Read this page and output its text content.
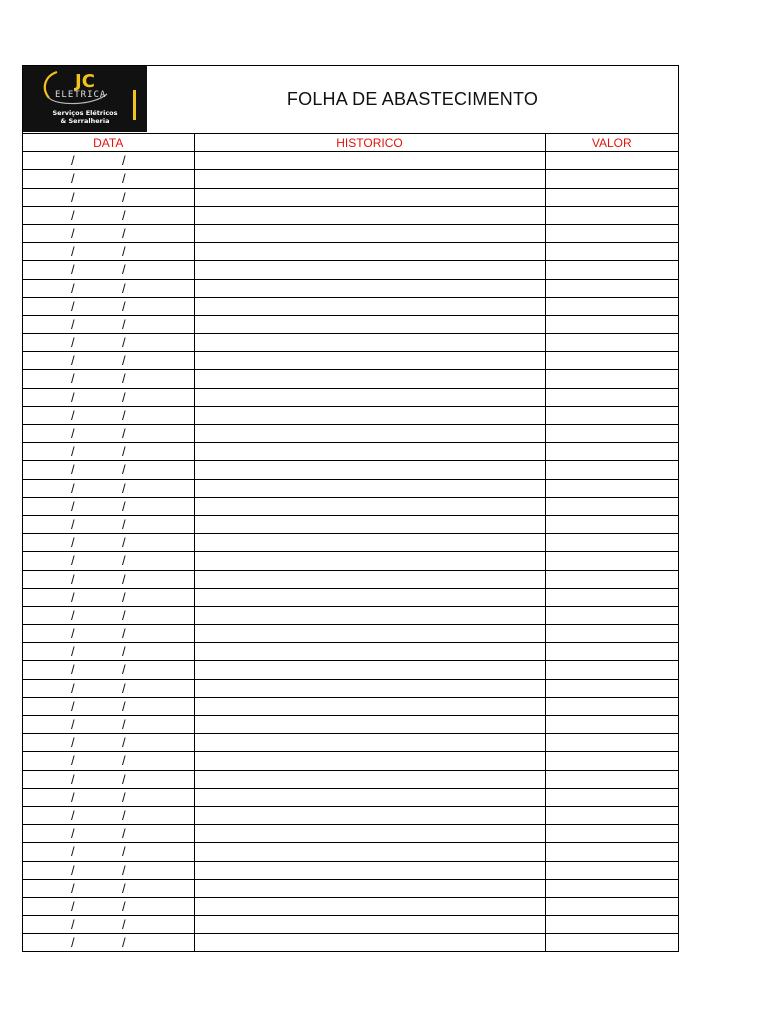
JC
ELETRICA
Serviços Elétricos
& Serralheria
FOLHA DE ABASTECIMENTO
DATA	HISTORICO	VALOR

/ /		

/ /		

/ /		

/ /		

/ /		

/ /		

/ /		

/ /		

/ /		

/ /		

/ /		

/ /		

/ /		

/ /		

/ /		

/ /		

/ /		

/ /		

/ /		

/ /		

/ /		

/ /		

/ /		

/ /		

/ /		

/ /		

/ /		

/ /		

/ /		

/ /		

/ /		

/ /		

/ /		

/ /		

/ /		

/ /		

/ /		

/ /		

/ /		

/ /		

/ /		

/ /		

/ /		

/ /		
